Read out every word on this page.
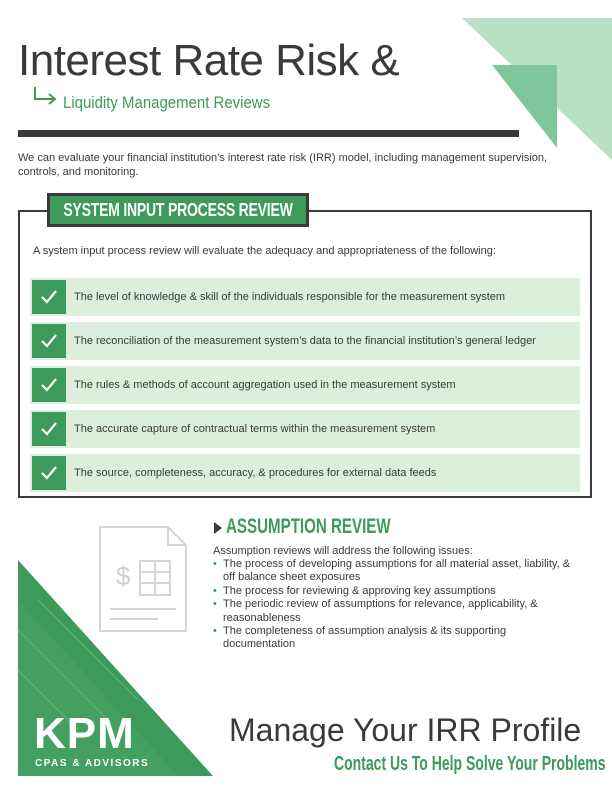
Interest Rate Risk &
Liquidity Management Reviews
We can evaluate your financial institution’s interest rate risk (IRR) model, including management supervision, controls, and monitoring.
SYSTEM INPUT PROCESS REVIEW
A system input process review will evaluate the adequacy and appropriateness of the following:
The level of knowledge & skill of the individuals responsible for the measurement system
The reconciliation of the measurement system’s data to the financial institution’s general ledger
The rules & methods of account aggregation used in the measurement system
The accurate capture of contractual terms within the measurement system
The source, completeness, accuracy, & procedures for external data feeds
$
ASSUMPTION REVIEW
Assumption reviews will address the following issues:
• The process of developing assumptions for all material asset, liability, & off balance sheet exposures
• The process for reviewing & approving key assumptions
• The periodic review of assumptions for relevance, applicability, & reasonableness
• The completeness of assumption analysis & its supporting documentation
KPM
CPAS & ADVISORS
Manage Your IRR Profile
Contact Us To Help Solve Your Problems
